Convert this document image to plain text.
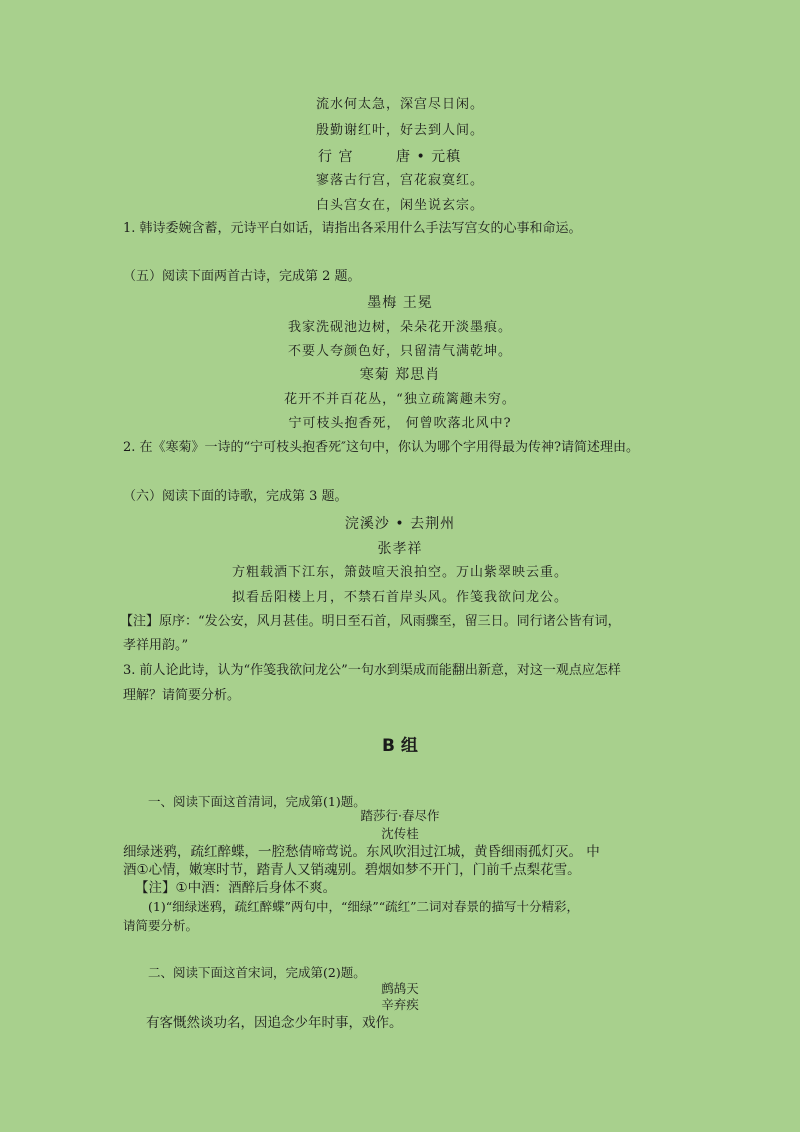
流水何太急，深宫尽日闲。
殷勤谢红叶，好去到人间。
行 宫	唐 • 元稹
寥落古行宫，宫花寂寞红。
白头宫女在，闲坐说玄宗。
1. 韩诗委婉含蓄，元诗平白如话，请指出各采用什么手法写宫女的心事和命运。
（五）阅读下面两首古诗，完成第 2 题。
墨梅 王冕
我家洗砚池边树，朵朵花开淡墨痕。
不要人夸颜色好，只留清气满乾坤。
寒菊 郑思肖
花开不并百花丛，“独立疏篱趣未穷。
宁可枝头抱香死， 何曾吹落北风中?
2. 在《寒菊》一诗的“宁可枝头抱香死″这句中，你认为哪个字用得最为传神?请简述理由。
（六）阅读下面的诗歌，完成第 3 题。
浣溪沙 • 去荆州
张孝祥
方粗载酒下江东，箫鼓喧天浪拍空。万山紫翠映云重。
拟看岳阳楼上月，不禁石首岸头风。作笺我欲问龙公。
【注】原序：“发公安，风月甚佳。明日至石首，风雨骤至，留三日。同行诸公皆有词，
孝祥用韵。”
3. 前人论此诗，认为“作笺我欲问龙公”一句水到渠成而能翻出新意，对这一观点应怎样
理解？请简要分析。
B 组
一、阅读下面这首清词，完成第(1)题。
踏莎行·春尽作
沈传桂
细绿迷鸦，疏红醉蝶，一腔愁倩啼莺说。东风吹泪过江城，黄昏细雨孤灯灭。 中
酒①心情，嫩寒时节，踏青人又销魂别。碧烟如梦不开门，门前千点梨花雪。
【注】①中酒：酒醉后身体不爽。
(1)“细绿迷鸦，疏红醉蝶”两句中，“细绿”“疏红”二词对春景的描写十分精彩，
请简要分析。
二、阅读下面这首宋词，完成第(2)题。
鹧鸪天
辛弃疾
有客慨然谈功名，因追念少年时事，戏作。
